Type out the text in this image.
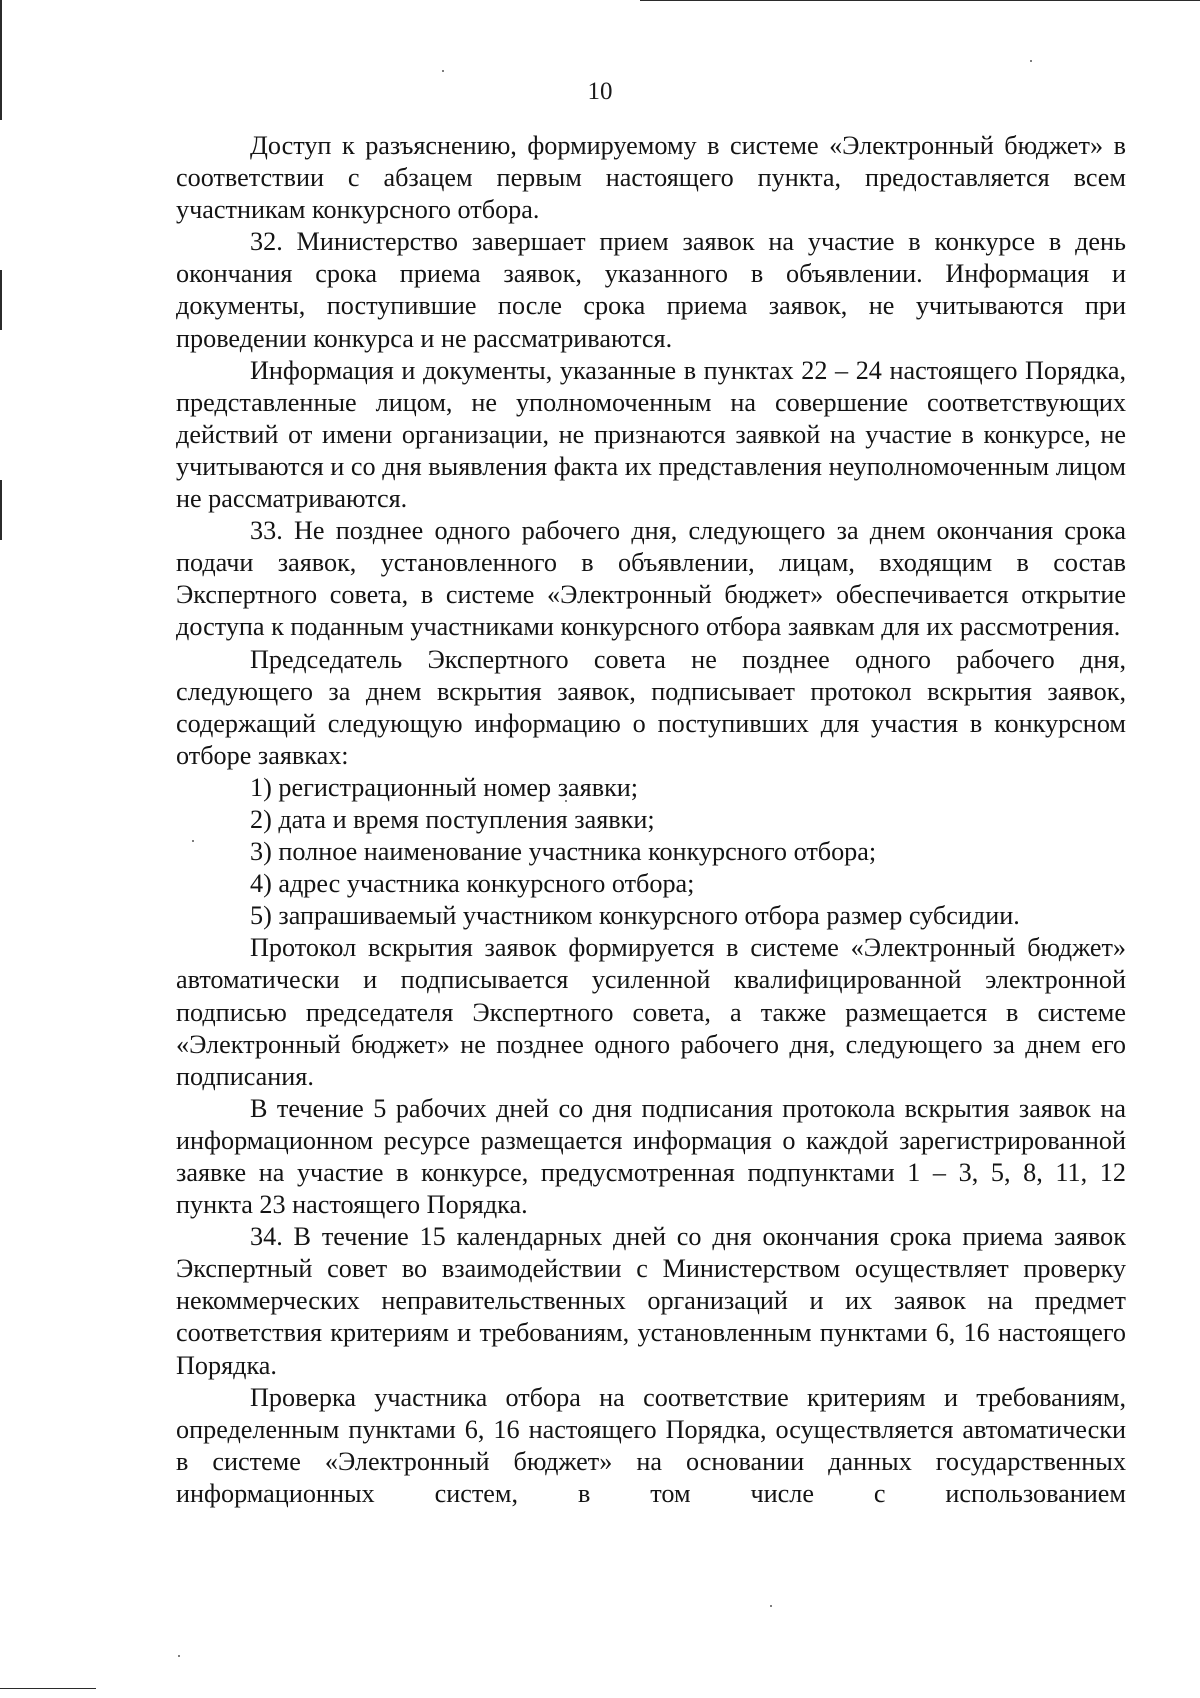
10

Доступ к разъяснению, формируемому в системе «Электронный бюджет» в соответствии с абзацем первым настоящего пункта, предоставляется всем участникам конкурсного отбора.

32. Министерство завершает прием заявок на участие в конкурсе в день окончания срока приема заявок, указанного в объявлении. Информация и документы, поступившие после срока приема заявок, не учитываются при проведении конкурса и не рассматриваются.

Информация и документы, указанные в пунктах 22 – 24 настоящего Порядка, представленные лицом, не уполномоченным на совершение соответствующих действий от имени организации, не признаются заявкой на участие в конкурсе, не учитываются и со дня выявления факта их представления неуполномоченным лицом не рассматриваются.

33. Не позднее одного рабочего дня, следующего за днем окончания срока подачи заявок, установленного в объявлении, лицам, входящим в состав Экспертного совета, в системе «Электронный бюджет» обеспечивается открытие доступа к поданным участниками конкурсного отбора заявкам для их рассмотрения.

Председатель Экспертного совета не позднее одного рабочего дня, следующего за днем вскрытия заявок, подписывает протокол вскрытия заявок, содержащий следующую информацию о поступивших для участия в конкурсном отборе заявках:

1) регистрационный номер заявки;

2) дата и время поступления заявки;

3) полное наименование участника конкурсного отбора;

4) адрес участника конкурсного отбора;

5) запрашиваемый участником конкурсного отбора размер субсидии.

Протокол вскрытия заявок формируется в системе «Электронный бюджет» автоматически и подписывается усиленной квалифицированной электронной подписью председателя Экспертного совета, а также размещается в системе «Электронный бюджет» не позднее одного рабочего дня, следующего за днем его подписания.

В течение 5 рабочих дней со дня подписания протокола вскрытия заявок на информационном ресурсе размещается информация о каждой зарегистрированной заявке на участие в конкурсе, предусмотренная подпунктами 1 – 3, 5, 8, 11, 12 пункта 23 настоящего Порядка.

34. В течение 15 календарных дней со дня окончания срока приема заявок Экспертный совет во взаимодействии с Министерством осуществляет проверку некоммерческих неправительственных организаций и их заявок на предмет соответствия критериям и требованиям, установленным пунктами 6, 16 настоящего Порядка.

Проверка участника отбора на соответствие критериям и требованиям, определенным пунктами 6, 16 настоящего Порядка, осуществляется автоматически в системе «Электронный бюджет» на основании данных государственных информационных систем, в том числе с использованием
